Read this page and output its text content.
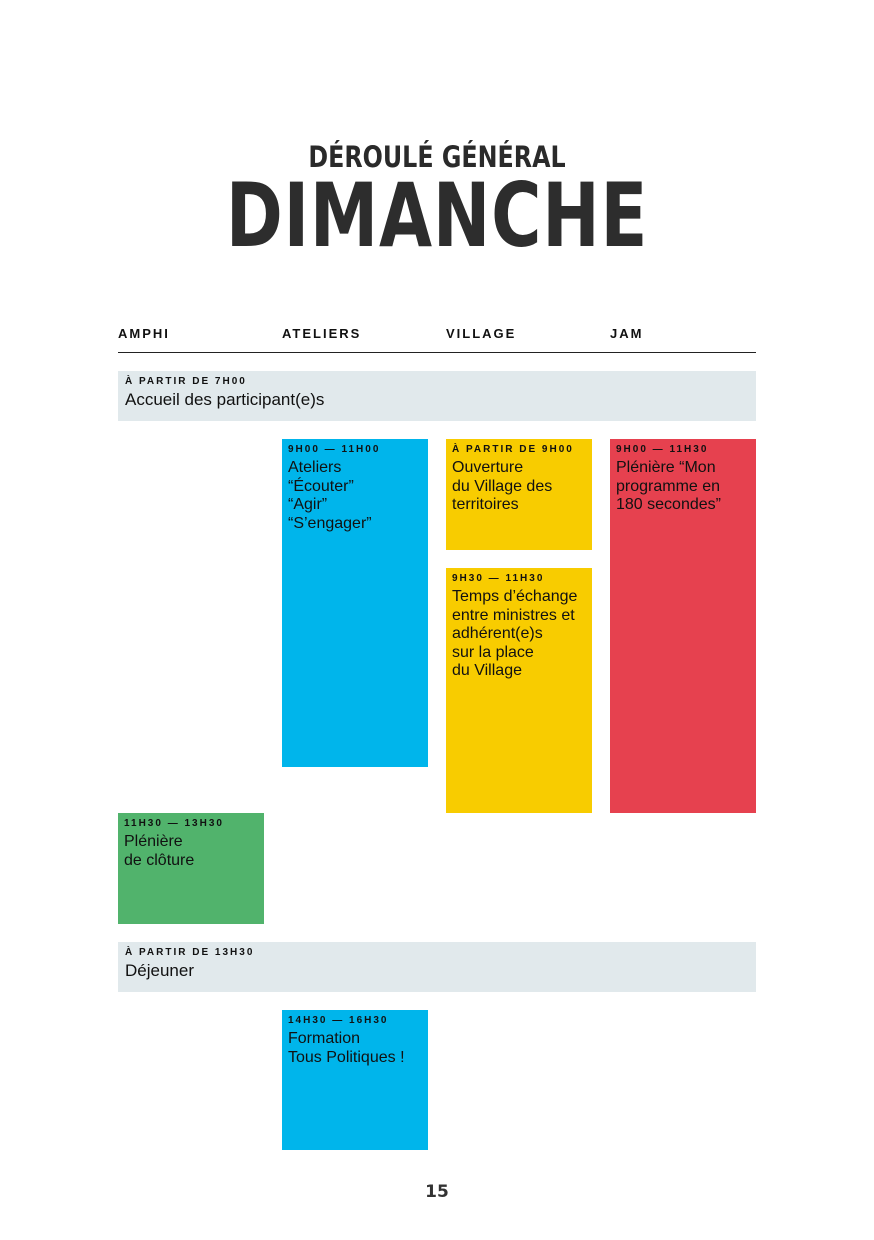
DÉROULÉ GÉNÉRAL
DIMANCHE
AMPHI	ATELIERS	VILLAGE	JAM
À PARTIR DE 7H00
Accueil des participant(e)s
9H00 — 11H00
Ateliers
“Écouter”
“Agir”
“S’engager”
À PARTIR DE 9H00
Ouverture
du Village des
territoires
9H30 — 11H30
Temps d’échange
entre ministres et
adhérent(e)s
sur la place
du Village
9H00 — 11H30
Plénière “Mon
programme en
180 secondes”
11H30 — 13H30
Plénière
de clôture
À PARTIR DE 13H30
Déjeuner
14H30 — 16H30
Formation
Tous Politiques !
15
